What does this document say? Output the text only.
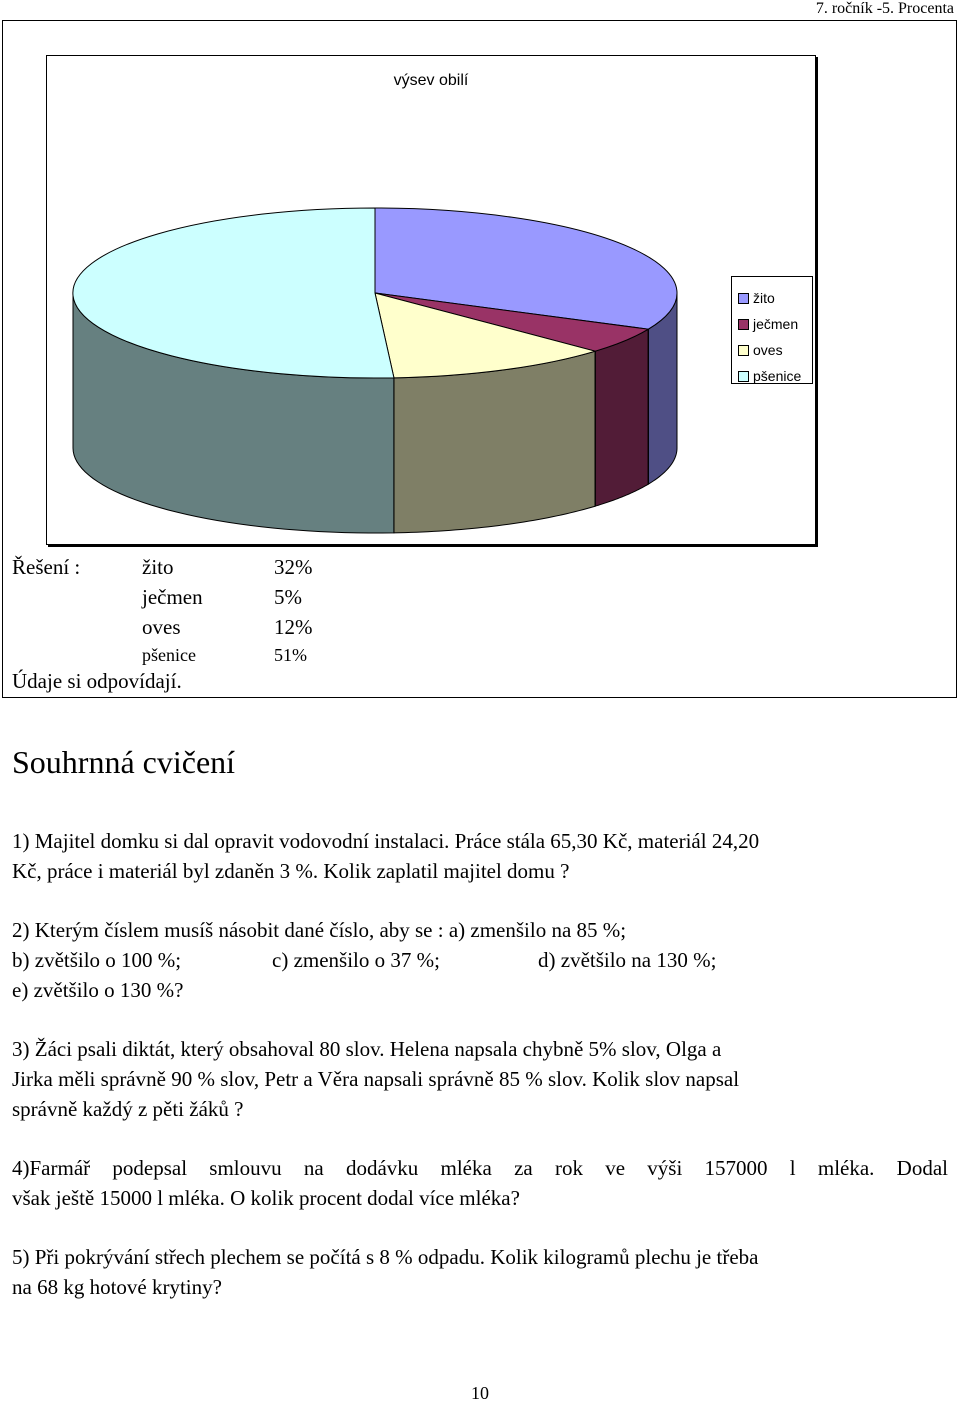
7. ročník -5. Procenta
výsev obilí
žito
ječmen
oves
pšenice
Řešení :	žito	32%
ječmen	5%
oves	12%
pšenice	51%
Údaje si odpovídají.
Souhrnná cvičení
1) Majitel domku si dal opravit vodovodní instalaci. Práce stála 65,30 Kč, materiál 24,20
Kč, práce i materiál byl zdaněn 3 %. Kolik zaplatil majitel domu ?
2) Kterým číslem musíš násobit dané číslo, aby se : a) zmenšilo na 85 %;
b) zvětšilo o 100 %;	c) zmenšilo o 37 %;	d) zvětšilo na 130 %;
e) zvětšilo o 130 %?
3) Žáci psali diktát, který obsahoval 80 slov. Helena napsala chybně 5% slov, Olga a
Jirka měli správně 90 % slov, Petr a Věra napsali správně 85 % slov. Kolik slov napsal
správně každý z pěti žáků ?
4)Farmář podepsal smlouvu na dodávku mléka za rok ve výši 157000 l mléka. Dodal
však ještě 15000 l mléka. O kolik procent dodal více mléka?
5) Při pokrývání střech plechem se počítá s 8 % odpadu. Kolik kilogramů plechu je třeba
na 68 kg hotové krytiny?
10
